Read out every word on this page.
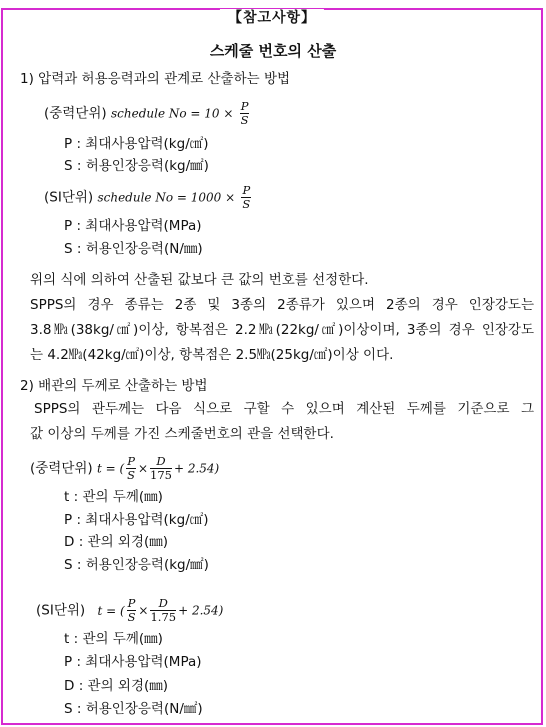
【참고사항】
스케줄 번호의 산출
1) 압력과 허용응력과의 관계로 산출하는 방법
(중력단위) schedule $No = 10 \times \frac{P}{S}$
P : 최대사용압력(kg/㎠)
S : 허용인장응력(kg/㎟)
(SI단위) schedule $No = 1000 \times \frac{P}{S}$
P : 최대사용압력(MPa)
S : 허용인장응력(N/㎜)
위의 식에 의하여 산출된 값보다 큰 값의 번호를 선정한다.
SPPS의 경우 종류는 2종 및 3종의 2종류가 있으며 2종의 경우 인장강도는
3.8㎫(38kg/㎠)이상, 항복점은 2.2㎫(22kg/㎠)이상이며, 3종의 경우 인장강도
는 4.2㎫(42kg/㎠)이상, 항복점은 2.5㎫(25kg/㎠)이상 이다.
2) 배관의 두께로 산출하는 방법
SPPS의 관두께는 다음 식으로 구할 수 있으며 계산된 두께를 기준으로 그
값 이상의 두께를 가진 스케줄번호의 관을 선택한다.
(중력단위) t = ( $\frac{P}{S} \times \frac{D}{175} + 2.54$)
t : 관의 두께(㎜)
P : 최대사용압력(kg/㎠)
D : 관의 외경(㎜)
S : 허용인장응력(kg/㎟)
(SI단위) t = ( $\frac{P}{S} \times \frac{D}{1.75} + 2.54$)
t : 관의 두께(㎜)
P : 최대사용압력(MPa)
D : 관의 외경(㎜)
S : 허용인장응력(N/㎟)
